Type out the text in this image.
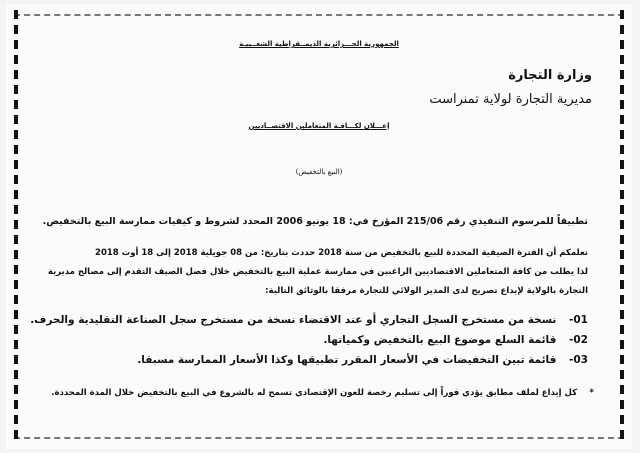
الجمهورية الجـــزائرية الديمــقراطية الشعــبيـة
وزارة التجارة
مديرية التجارة لولاية تمنراست
إعـــلان لكـــافـة المتعاملين الاقتصــاديين
(البيع بالتخفيض)
تطبيقاً للمرسوم التنفيذي رقم 215/06 المؤرخ في: 18 يونيو 2006 المحدد لشروط و كيفيات ممارسة البيع بالتخفيض.
نعلمكم أن الفترة الصيفية المحددة للبيع بالتخفيض من سنة 2018 حددت بتاريخ: من 08 جويلية 2018 إلى 18 أوت 2018
لذا يطلب من كافة المتعاملين الاقتصاديين الراغبين في ممارسة عملية البيع بالتخفيض خلال فصل الصيف التقدم إلى مصالح مديرية
التجارة بالولاية لإيداع تصريح لدى المدير الولائي للتجارة مرفقا بالوثائق التالية:
01- نسخة من مستخرج السجل التجاري أو عند الاقتضاء نسخة من مستخرج سجل الصناعة التقليدية والحرف.
02- قائمة السلع موضوع البيع بالتخفيض وكمياتها.
03- قائمة تبين التخفيضات في الأسعار المقرر تطبيقها وكذا الأسعار الممارسة مسبقا.
* كل إيداع لملف مطابق يؤدي فوراً إلى تسليم رخصة للعون الإقتصادي تسمح له بالشروع في البيع بالتخفيض خلال المدة المحددة.
